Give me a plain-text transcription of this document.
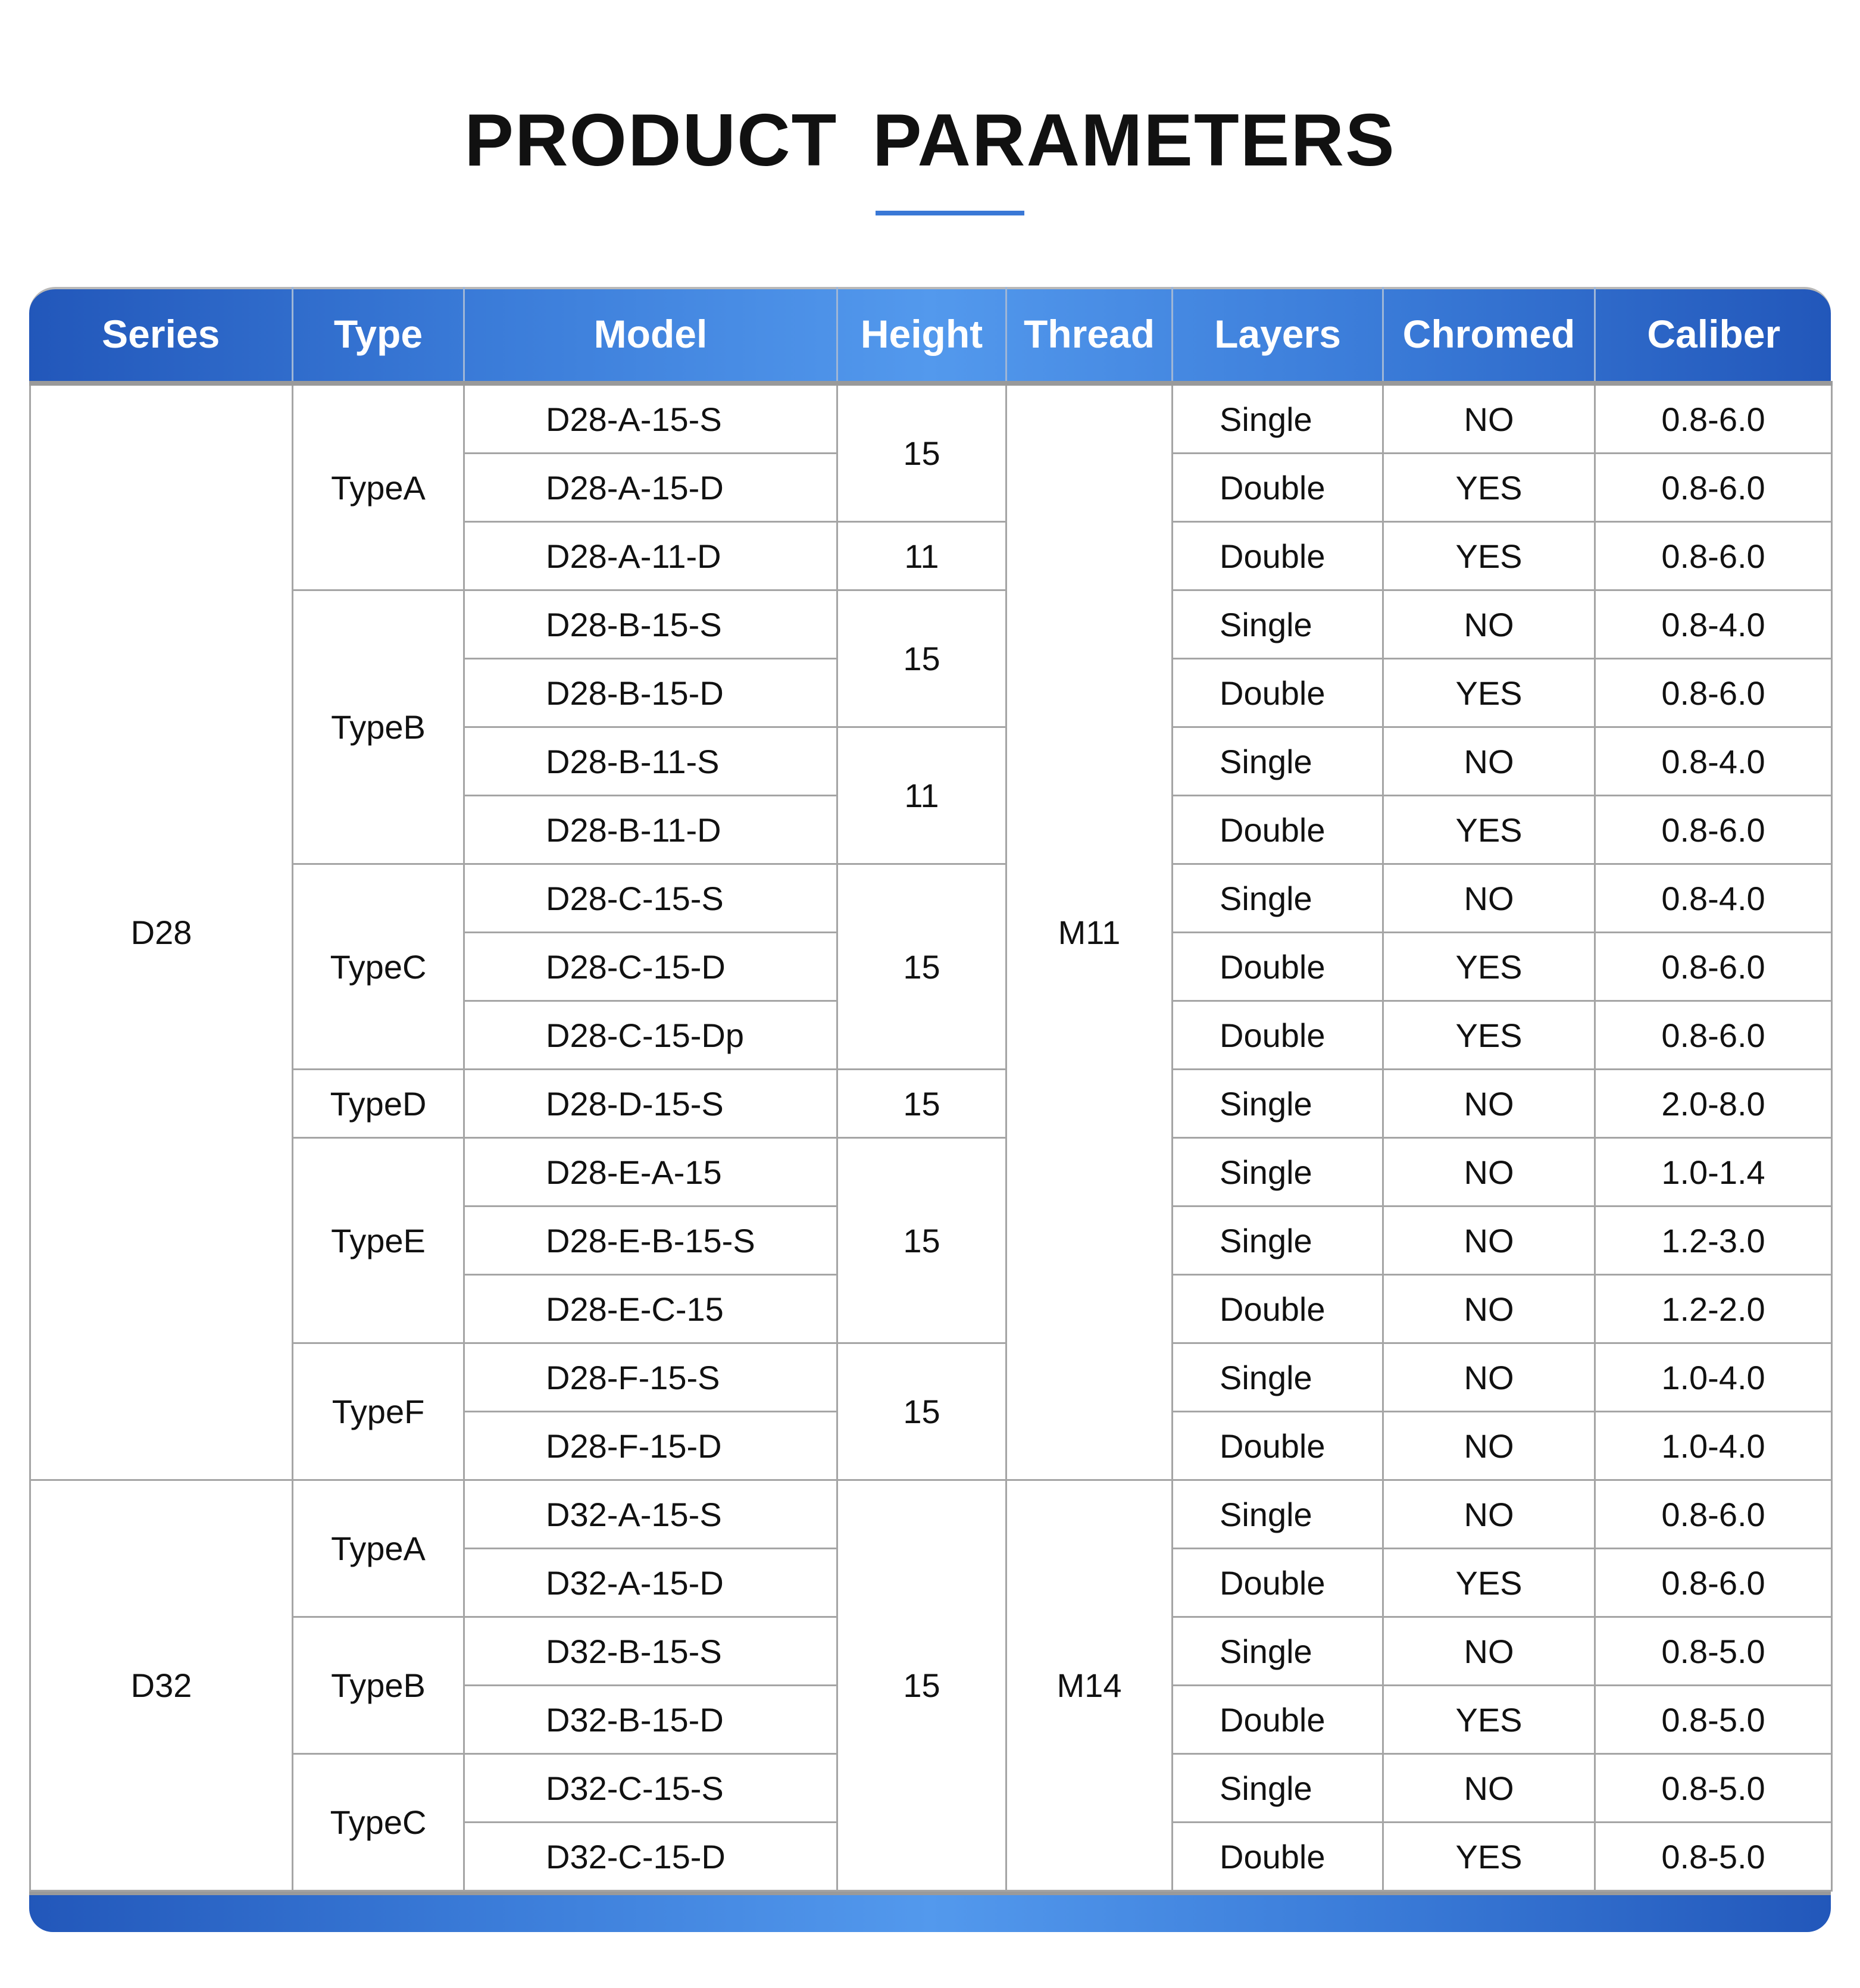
PRODUCT PARAMETERS
Series	Type	Model	Height	Thread	Layers	Chromed	Caliber
D28	TypeA	D28-A-15-S	15	M11	Single	NO	0.8-6.0
		D28-A-15-D			Double	YES	0.8-6.0
		D28-A-11-D	11		Double	YES	0.8-6.0
	TypeB	D28-B-15-S	15		Single	NO	0.8-4.0
		D28-B-15-D			Double	YES	0.8-6.0
		D28-B-11-S	11		Single	NO	0.8-4.0
		D28-B-11-D			Double	YES	0.8-6.0
	TypeC	D28-C-15-S	15		Single	NO	0.8-4.0
		D28-C-15-D			Double	YES	0.8-6.0
		D28-C-15-Dp			Double	YES	0.8-6.0
	TypeD	D28-D-15-S	15		Single	NO	2.0-8.0
	TypeE	D28-E-A-15	15		Single	NO	1.0-1.4
		D28-E-B-15-S			Single	NO	1.2-3.0
		D28-E-C-15			Double	NO	1.2-2.0
	TypeF	D28-F-15-S	15		Single	NO	1.0-4.0
		D28-F-15-D			Double	NO	1.0-4.0
D32	TypeA	D32-A-15-S	15	M14	Single	NO	0.8-6.0
		D32-A-15-D			Double	YES	0.8-6.0
	TypeB	D32-B-15-S			Single	NO	0.8-5.0
		D32-B-15-D			Double	YES	0.8-5.0
	TypeC	D32-C-15-S			Single	NO	0.8-5.0
		D32-C-15-D			Double	YES	0.8-5.0
